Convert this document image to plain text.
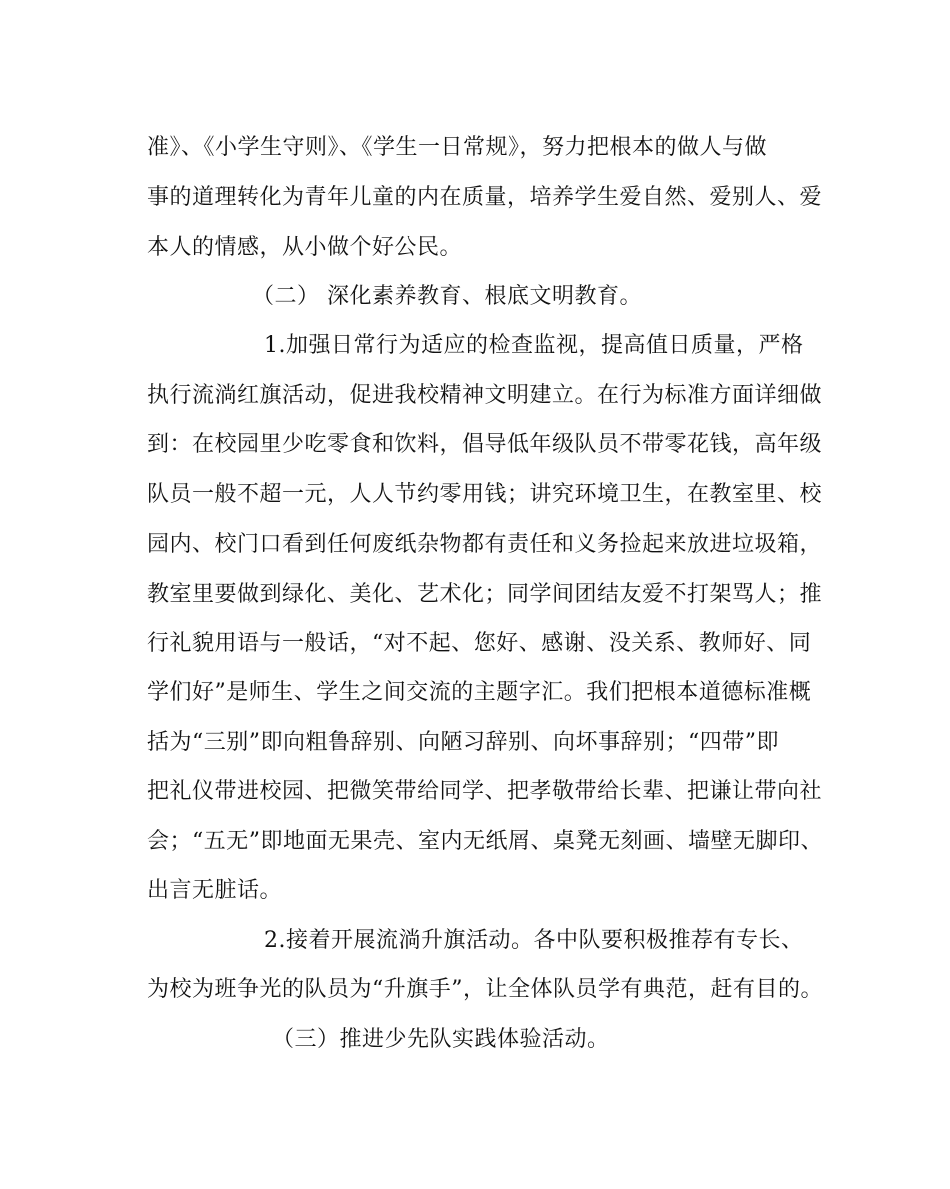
准》、《小学生守则》、《学生一日常规》，努力把根本的做人与做
事的道理转化为青年儿童的内在质量，培养学生爱自然、爱别人、爱
本人的情感，从小做个好公民。
（二） 深化素养教育、根底文明教育。
1.加强日常行为适应的检查监视，提高值日质量，严格
执行流淌红旗活动，促进我校精神文明建立。在行为标准方面详细做
到：在校园里少吃零食和饮料，倡导低年级队员不带零花钱，高年级
队员一般不超一元，人人节约零用钱；讲究环境卫生，在教室里、校
园内、校门口看到任何废纸杂物都有责任和义务捡起来放进垃圾箱，
教室里要做到绿化、美化、艺术化；同学间团结友爱不打架骂人；推
行礼貌用语与一般话，“对不起、您好、感谢、没关系、教师好、同
学们好”是师生、学生之间交流的主题字汇。我们把根本道德标准概
括为“三别”即向粗鲁辞别、向陋习辞别、向坏事辞别；“四带”即
把礼仪带进校园、把微笑带给同学、把孝敬带给长辈、把谦让带向社
会；“五无”即地面无果壳、室内无纸屑、桌凳无刻画、墙壁无脚印、
出言无脏话。
2.接着开展流淌升旗活动。各中队要积极推荐有专长、
为校为班争光的队员为“升旗手”，让全体队员学有典范，赶有目的。
（三）推进少先队实践体验活动。
